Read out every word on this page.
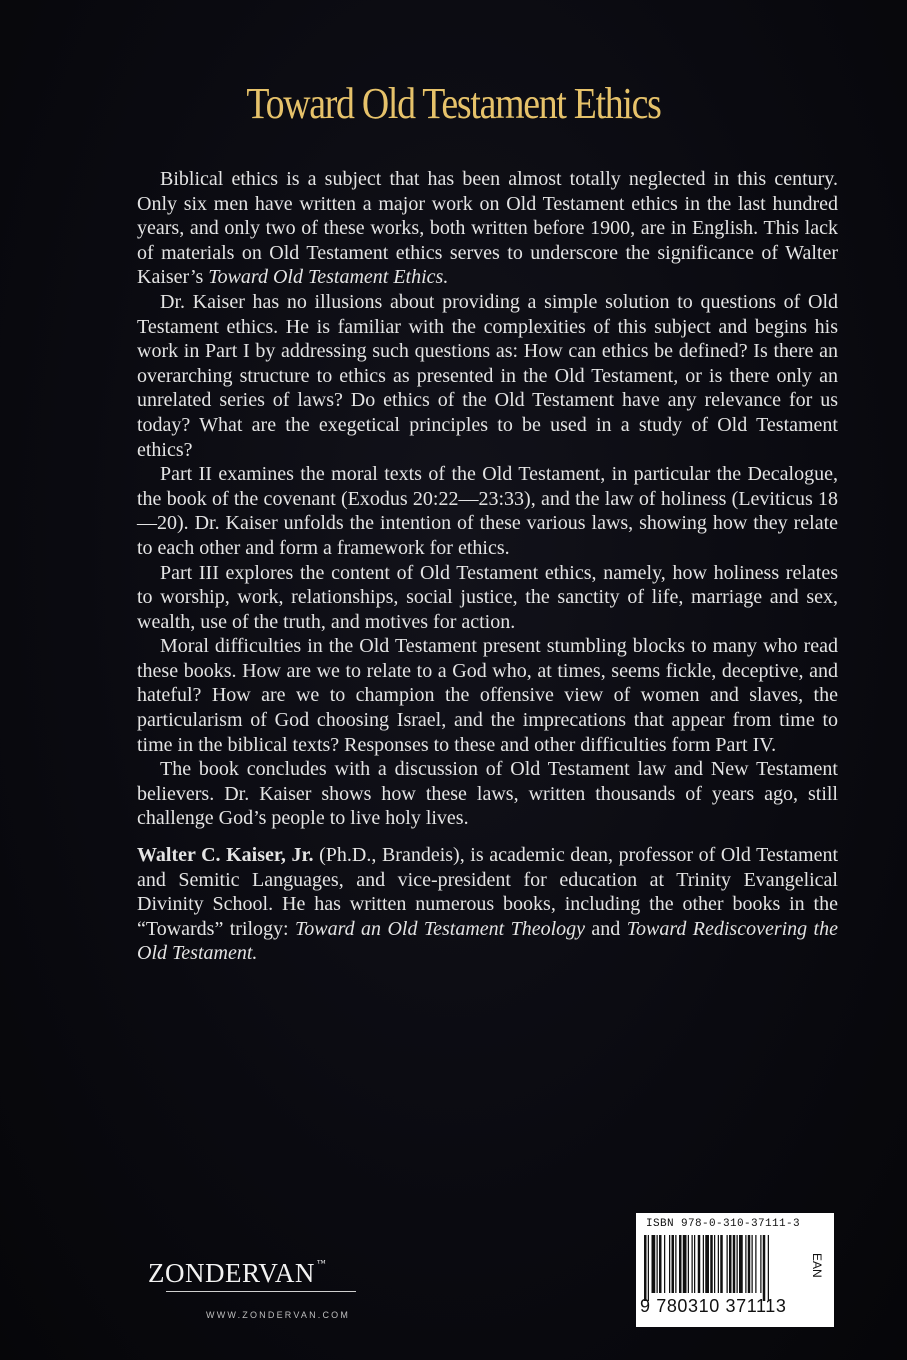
Toward Old Testament Ethics

Biblical ethics is a subject that has been almost totally neglected in this century. Only six men have written a major work on Old Testament ethics in the last hundred years, and only two of these works, both written before 1900, are in English. This lack of materials on Old Testament ethics serves to underscore the significance of Walter Kaiser’s Toward Old Testament Ethics.

Dr. Kaiser has no illusions about providing a simple solution to questions of Old Testament ethics. He is familiar with the complexities of this subject and begins his work in Part I by addressing such questions as: How can ethics be defined? Is there an overarching structure to ethics as presented in the Old Testament, or is there only an unrelated series of laws? Do ethics of the Old Testament have any relevance for us today? What are the exegetical principles to be used in a study of Old Testament ethics?

Part II examines the moral texts of the Old Testament, in particular the Decalogue, the book of the covenant (Exodus 20:22—23:33), and the law of holiness (Leviticus 18—20). Dr. Kaiser unfolds the intention of these various laws, showing how they relate to each other and form a framework for ethics.

Part III explores the content of Old Testament ethics, namely, how holiness relates to worship, work, relationships, social justice, the sanctity of life, marriage and sex, wealth, use of the truth, and motives for action.

Moral difficulties in the Old Testament present stumbling blocks to many who read these books. How are we to relate to a God who, at times, seems fickle, deceptive, and hateful? How are we to champion the offensive view of women and slaves, the particularism of God choosing Israel, and the imprecations that appear from time to time in the biblical texts? Responses to these and other difficulties form Part IV.

The book concludes with a discussion of Old Testament law and New Testament believers. Dr. Kaiser shows how these laws, written thousands of years ago, still challenge God’s people to live holy lives.

Walter C. Kaiser, Jr. (Ph.D., Brandeis), is academic dean, professor of Old Testament and Semitic Languages, and vice-president for education at Trinity Evangelical Divinity School. He has written numerous books, including the other books in the “Towards” trilogy: Toward an Old Testament Theology and Toward Rediscovering the Old Testament.

ZONDERVAN ™
WWW.ZONDERVAN.COM
ISBN 978-0-310-37111-3
9 780310 371113
EAN
